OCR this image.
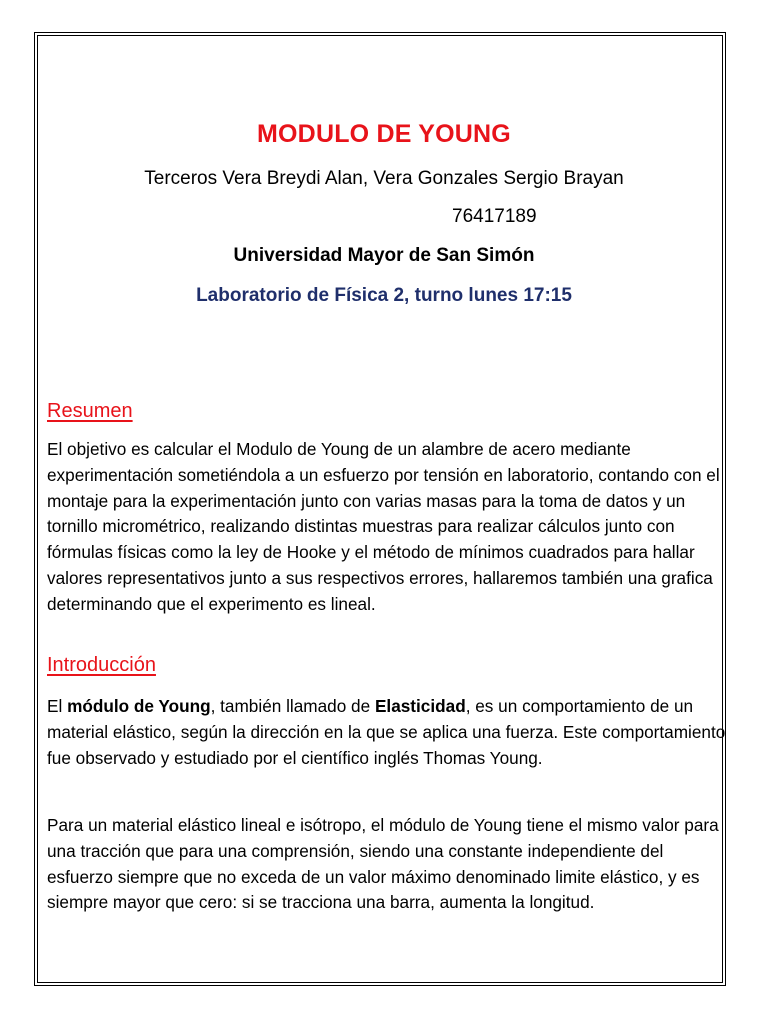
MODULO DE YOUNG
Terceros Vera Breydi Alan, Vera Gonzales Sergio Brayan
76417189
Universidad Mayor de San Simón
Laboratorio de Física 2, turno lunes 17:15
Resumen

El objetivo es calcular el Modulo de Young de un alambre de acero mediante experimentación sometiéndola a un esfuerzo por tensión en laboratorio, contando con el montaje para la experimentación junto con varias masas para la toma de datos y un tornillo micrométrico, realizando distintas muestras para realizar cálculos junto con fórmulas físicas como la ley de Hooke y el método de mínimos cuadrados para hallar valores representativos junto a sus respectivos errores, hallaremos también una grafica determinando que el experimento es lineal.

Introducción

El módulo de Young, también llamado de Elasticidad, es un comportamiento de un material elástico, según la dirección en la que se aplica una fuerza. Este comportamiento fue observado y estudiado por el científico inglés Thomas Young.

Para un material elástico lineal e isótropo, el módulo de Young tiene el mismo valor para una tracción que para una comprensión, siendo una constante independiente del esfuerzo siempre que no exceda de un valor máximo denominado limite elástico, y es siempre mayor que cero: si se tracciona una barra, aumenta la longitud.
